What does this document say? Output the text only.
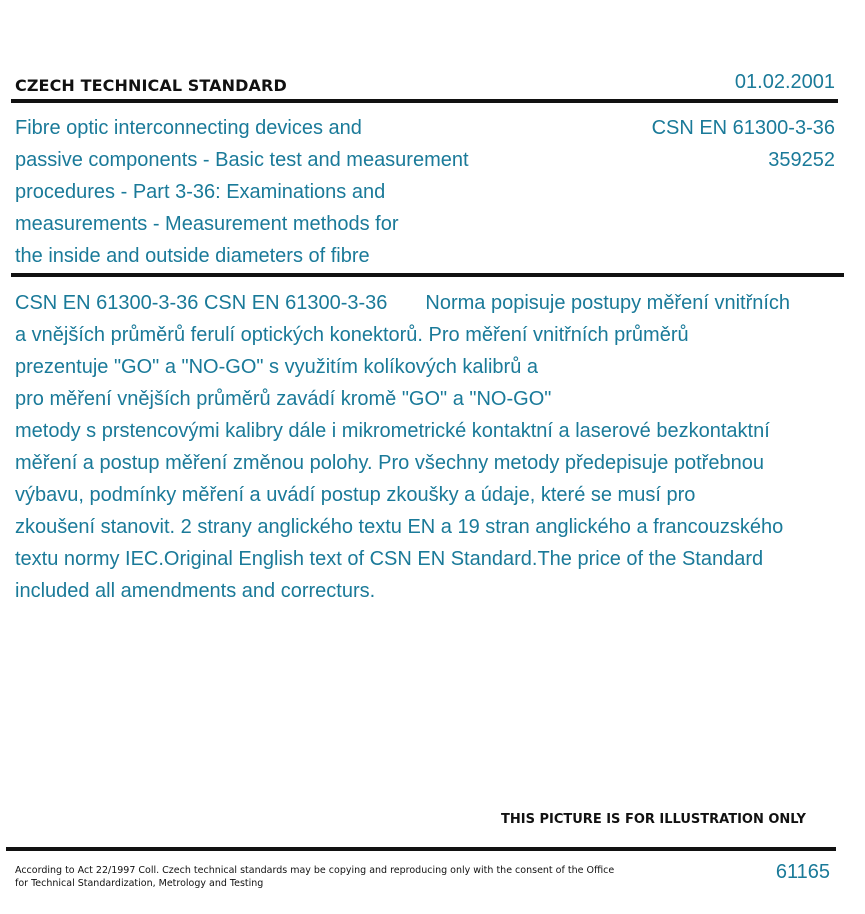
CZECH TECHNICAL STANDARD	01.02.2001
Fibre optic interconnecting devices and
passive components - Basic test and measurement
procedures - Part 3-36: Examinations and
measurements - Measurement methods for
the inside and outside diameters of fibre
CSN EN 61300-3-36
359252
CSN EN 61300-3-36 CSN EN 61300-3-36 Norma popisuje postupy měření vnitřních
a vnějších průměrů ferulí optických konektorů. Pro měření vnitřních průměrů
prezentuje "GO" a "NO-GO" s využitím kolíkových kalibrů a
pro měření vnějších průměrů zavádí kromě "GO" a "NO-GO"
metody s prstencovými kalibry dále i mikrometrické kontaktní a laserové bezkontaktní
měření a postup měření změnou polohy. Pro všechny metody předepisuje potřebnou
výbavu, podmínky měření a uvádí postup zkoušky a údaje, které se musí pro
zkoušení stanovit. 2 strany anglického textu EN a 19 stran anglického a francouzského
textu normy IEC.Original English text of CSN EN Standard.The price of the Standard
included all amendments and correcturs.
THIS PICTURE IS FOR ILLUSTRATION ONLY
According to Act 22/1997 Coll. Czech technical standards may be copying and reproducing only with the consent of the Office
for Technical Standardization, Metrology and Testing
61165
